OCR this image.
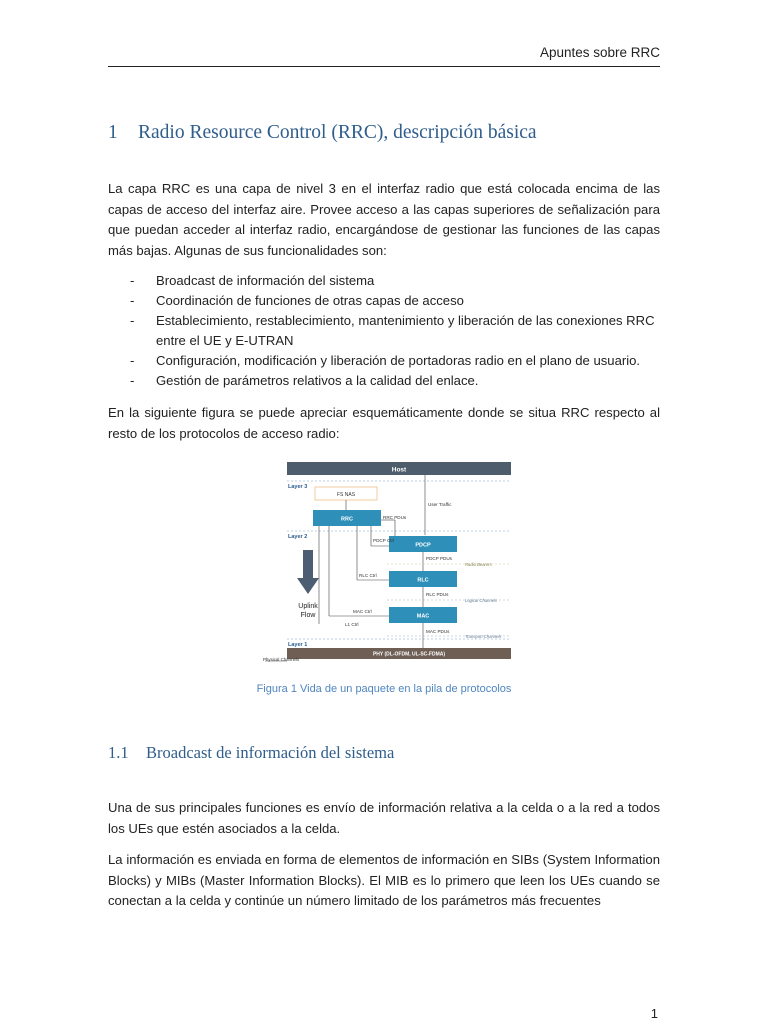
Apuntes sobre RRC
1 Radio Resource Control (RRC), descripción básica
La capa RRC es una capa de nivel 3 en el interfaz radio que está colocada encima de las capas de acceso del interfaz aire. Provee acceso a las capas superiores de señalización para que puedan acceder al interfaz radio, encargándose de gestionar las funciones de las capas más bajas. Algunas de sus funcionalidades son:
- Broadcast de información del sistema
- Coordinación de funciones de otras capas de acceso
- Establecimiento, restablecimiento, mantenimiento y liberación de las conexiones RRC entre el UE y E-UTRAN
- Configuración, modificación y liberación de portadoras radio en el plano de usuario.
- Gestión de parámetros relativos a la calidad del enlace.
En la siguiente figura se puede apreciar esquemáticamente donde se situa RRC respecto al resto de los protocolos de acceso radio:
Host
Layer 3
Layer 2
Layer 1
FS NAS
User Traffic
RRC	RRC PDUs
PDCP
PDCP Ctrl
PDCP PDUs
Radio Bearers
RLC
RLC Ctrl
RLC PDUs
Logical Channels
MAC
MAC Ctrl
MAC PDUs
Transport Channels
L1 Ctrl
PHY (DL-OFDM, UL-SC-FDMA)
Physical Channels
Uplink
Flow
Figura 1 Vida de un paquete en la pila de protocolos
1.1 Broadcast de información del sistema
Una de sus principales funciones es envío de información relativa a la celda o a la red a todos los UEs que estén asociados a la celda.
La información es enviada en forma de elementos de información en SIBs (System Information Blocks) y MIBs (Master Information Blocks). El MIB es lo primero que leen los UEs cuando se conectan a la celda y continúe un número limitado de los parámetros más frecuentes
1
